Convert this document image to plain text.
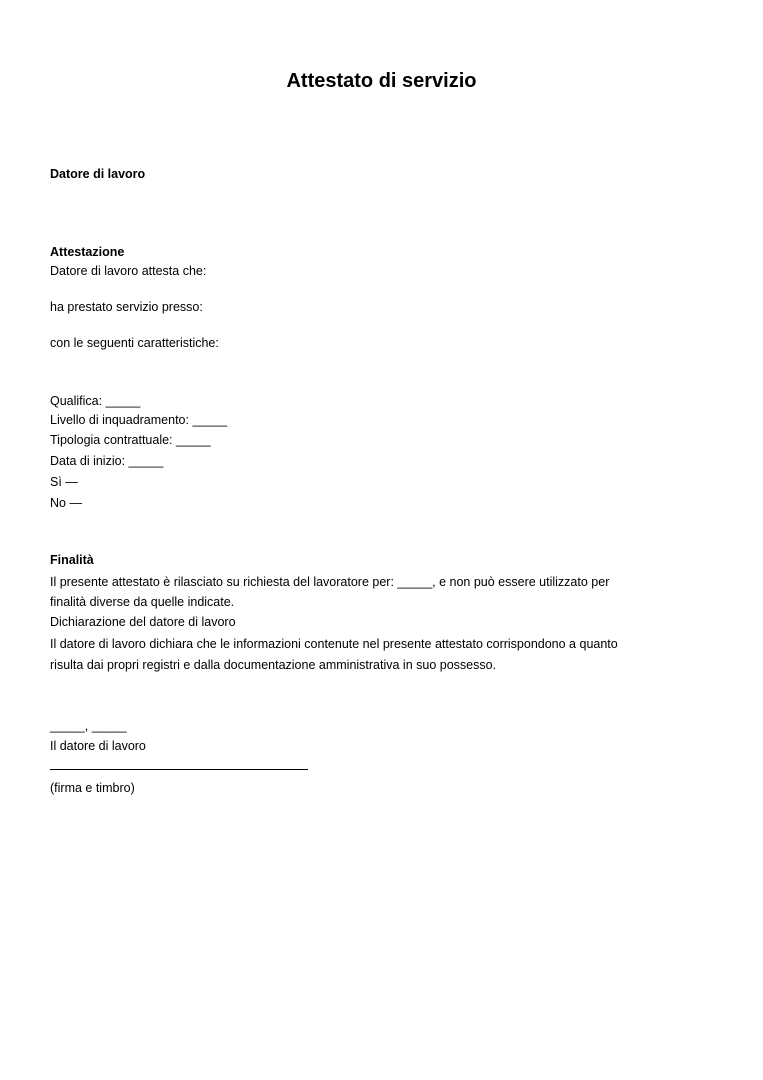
Attestato di servizio
Datore di lavoro
Attestazione
Datore di lavoro attesta che:
ha prestato servizio presso:
con le seguenti caratteristiche:
Qualifica: _____
Livello di inquadramento: _____
Tipologia contrattuale: _____
Data di inizio: _____
Sì —
No —
Finalità
Il presente attestato è rilasciato su richiesta del lavoratore per: _____, e non può essere utilizzato per
finalità diverse da quelle indicate.
Dichiarazione del datore di lavoro
Il datore di lavoro dichiara che le informazioni contenute nel presente attestato corrispondono a quanto
risulta dai propri registri e dalla documentazione amministrativa in suo possesso.
_____, _____
Il datore di lavoro
(firma e timbro)
